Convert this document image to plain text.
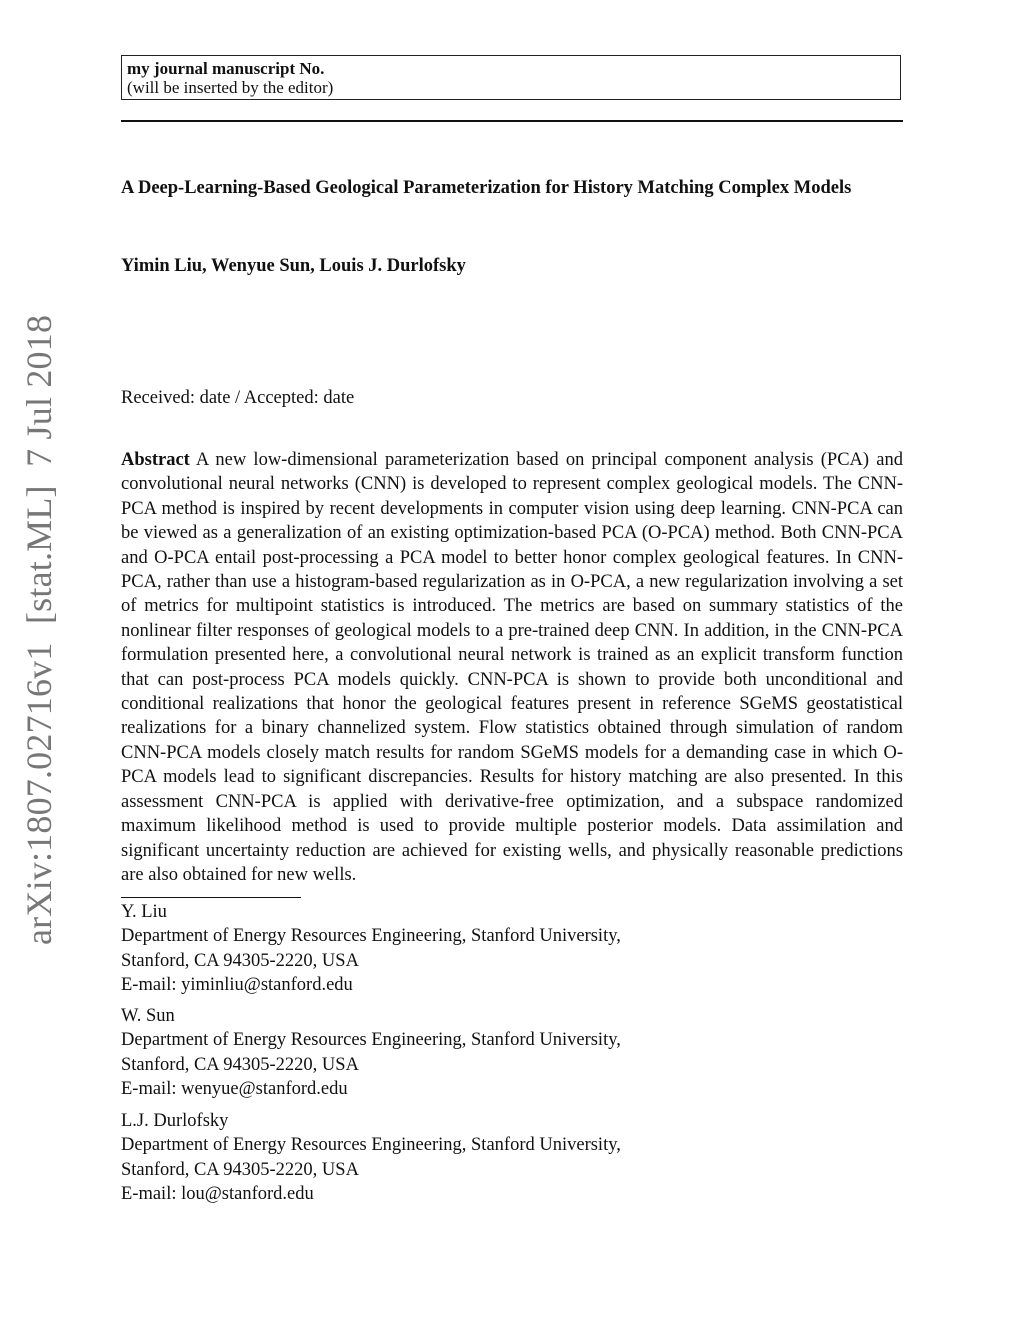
my journal manuscript No.
(will be inserted by the editor)
A Deep-Learning-Based Geological Parameterization for History Matching Complex Models

Yimin Liu, Wenyue Sun, Louis J. Durlofsky

Received: date / Accepted: date

Abstract A new low-dimensional parameterization based on principal component analysis (PCA) and convolutional neural networks (CNN) is developed to represent complex geological models. The CNN-PCA method is inspired by recent developments in computer vision using deep learning. CNN-PCA can be viewed as a generalization of an existing optimization-based PCA (O-PCA) method. Both CNN-PCA and O-PCA entail post-processing a PCA model to better honor complex geological features. In CNN-PCA, rather than use a histogram-based regularization as in O-PCA, a new regularization involving a set of metrics for multipoint statistics is introduced. The metrics are based on summary statistics of the nonlinear filter responses of geological models to a pre-trained deep CNN. In addition, in the CNN-PCA formulation presented here, a convolutional neural network is trained as an explicit transform function that can post-process PCA models quickly. CNN-PCA is shown to provide both unconditional and conditional realizations that honor the geological features present in reference SGeMS geostatistical realizations for a binary channelized system. Flow statistics obtained through simulation of random CNN-PCA models closely match results for random SGeMS models for a demanding case in which O-PCA models lead to significant discrepancies. Results for history matching are also presented. In this assessment CNN-PCA is applied with derivative-free optimization, and a subspace randomized maximum likelihood method is used to provide multiple posterior models. Data assimilation and significant uncertainty reduction are achieved for existing wells, and physically reasonable predictions are also obtained for new wells.

Y. Liu
Department of Energy Resources Engineering, Stanford University,
Stanford, CA 94305-2220, USA
E-mail: yiminliu@stanford.edu
W. Sun
Department of Energy Resources Engineering, Stanford University,
Stanford, CA 94305-2220, USA
E-mail: wenyue@stanford.edu
L.J. Durlofsky
Department of Energy Resources Engineering, Stanford University,
Stanford, CA 94305-2220, USA
E-mail: lou@stanford.edu
arXiv:1807.02716v1  [stat.ML]  7 Jul 2018
